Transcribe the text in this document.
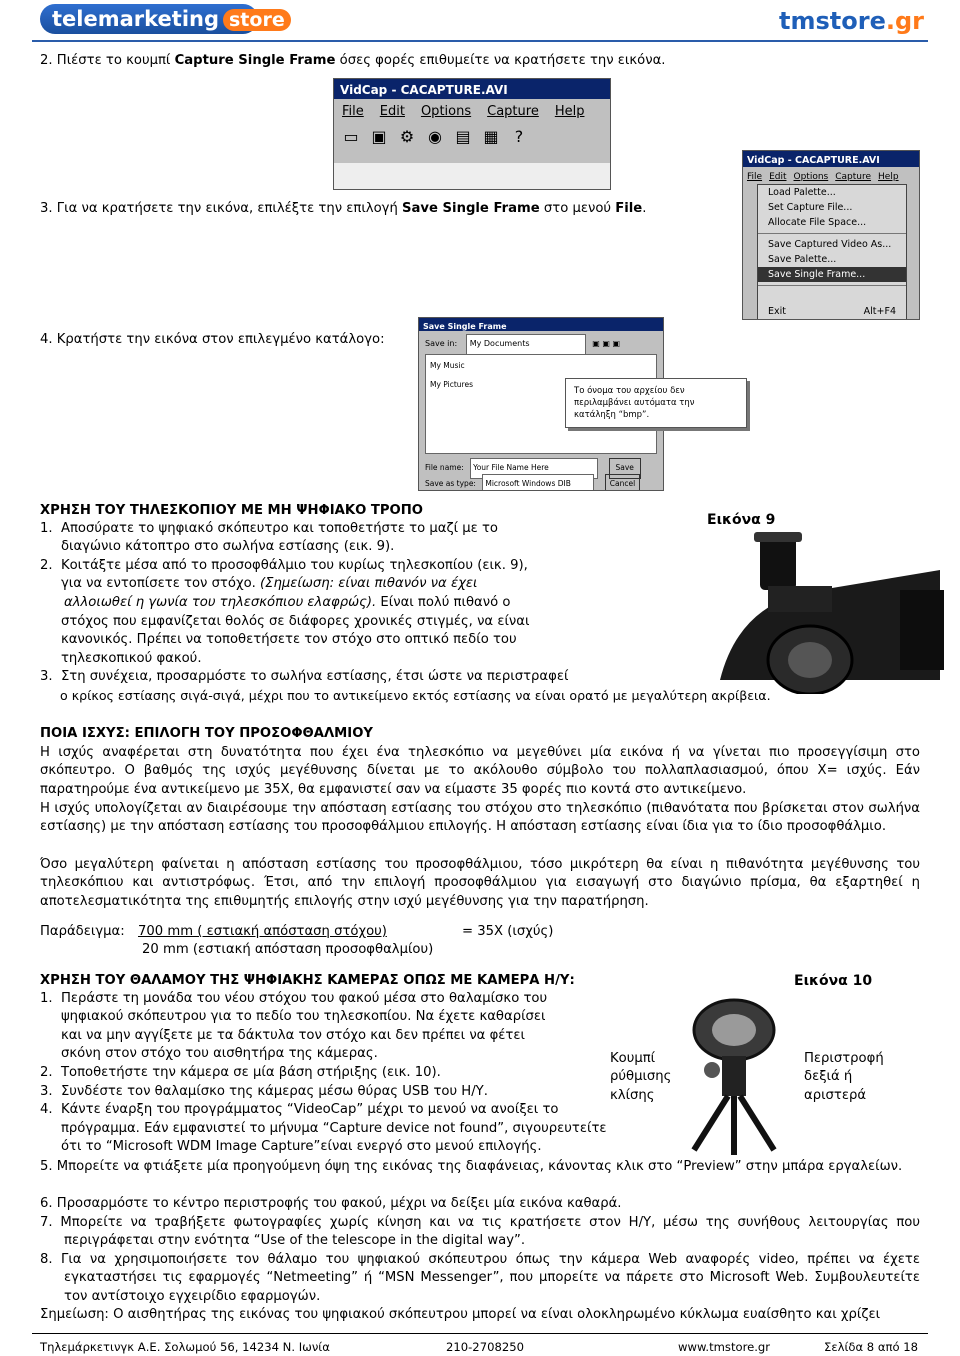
telemarketing store ®	tmstore.gr
2. Πιέστε το κουμπί Capture Single Frame όσες φορές επιθυμείτε να κρατήσετε την εικόνα.
VidCap - CACAPTURE.AVI
File Edit Options Capture Help
▭ ▣ ⚙ ◉ ▤ ▦ ?
3. Για να κρατήσετε την εικόνα, επιλέξτε την επιλογή Save Single Frame στο μενού File.
VidCap - CACAPTURE.AVI
File Edit Options Capture Help
Load Palette...
Set Capture File...
Allocate File Space...
Save Captured Video As...
Save Palette...
Save Single Frame...
Exit	Alt+F4
4. Κρατήστε την εικόνα στον επιλεγμένο κατάλογο:
Save Single Frame
Save in: My Documents	▣ ▣ ▣
My Music
My Pictures
File name: Your File Name Here	Save
Save as type: Microsoft Windows DIB	Cancel
Το όνομα του αρχείου δεν περιλαμβάνει αυτόματα την κατάληξη “bmp”.
ΧΡΗΣΗ ΤΟΥ ΤΗΛΕΣΚΟΠΙΟΥ ΜΕ ΜΗ ΨΗΦΙΑΚΟ ΤΡΟΠΟ
Εικόνα 9
1.  Αποσύρατε το ψηφιακό σκόπευτρο και τοποθετήστε το μαζί με το
διαγώνιο κάτοπτρο στο σωλήνα εστίασης (εικ. 9).
2.  Κοιτάξτε μέσα από το προσοφθάλμιο του κυρίως τηλεσκοπίου (εικ. 9),
για να εντοπίσετε τον στόχο. (Σημείωση: είναι πιθανόν να έχει
αλλοιωθεί η γωνία του τηλεσκόπιου ελαφρώς). Είναι πολύ πιθανό ο
στόχος που εμφανίζεται θολός σε διάφορες χρονικές στιγμές, να είναι
κανονικός. Πρέπει να τοποθετήσετε τον στόχο στο οπτικό πεδίο του
τηλεσκοπικού φακού.
3.  Στη συνέχεια, προσαρμόστε το σωλήνα εστίασης, έτσι ώστε να περιστραφεί
ο κρίκος εστίασης σιγά-σιγά, μέχρι που το αντικείμενο εκτός εστίασης να είναι ορατό με μεγαλύτερη ακρίβεια.
ΠΟΙΑ ΙΣΧΥΣ: ΕΠΙΛΟΓΗ ΤΟΥ ΠΡΟΣΟΦΘΑΛΜΙΟΥ
Η ισχύς αναφέρεται στη δυνατότητα που έχει ένα τηλεσκόπιο να μεγεθύνει μία εικόνα ή να γίνεται πιο προσεγγίσιμη στο σκόπευτρο. Ο βαθμός της ισχύς μεγέθυνσης δίνεται με το ακόλουθο σύμβολο του πολλαπλασιασμού, όπου X= ισχύς. Εάν παρατηρούμε ένα αντικείμενο με 35X, θα εμφανιστεί σαν να είμαστε 35 φορές πιο κοντά στο αντικείμενο.
Η ισχύς υπολογίζεται αν διαιρέσουμε την απόσταση εστίασης του στόχου στο τηλεσκόπιο (πιθανότατα που βρίσκεται στον σωλήνα εστίασης) με την απόσταση εστίασης του προσοφθάλμιου επιλογής. Η απόσταση εστίασης είναι ίδια για το ίδιο προσοφθάλμιο.
Όσο μεγαλύτερη φαίνεται η απόσταση εστίασης του προσοφθάλμιου, τόσο μικρότερη θα είναι η πιθανότητα μεγέθυνσης του τηλεσκόπιου και αντιστρόφως. Έτσι, από την επιλογή προσοφθάλμιου για εισαγωγή στο διαγώνιο πρίσμα, θα εξαρτηθεί η αποτελεσματικότητα της επιθυμητής επιλογής στην ισχύ μεγέθυνσης για την παρατήρηση.
Παράδειγμα: 700 mm ( εστιακή απόσταση στόχου)	= 35X (ισχύς)
20 mm (εστιακή απόσταση προσοφθαλμίου)
ΧΡΗΣΗ ΤΟΥ ΘΑΛΑΜΟΥ ΤΗΣ ΨΗΦΙΑΚΗΣ ΚΑΜΕΡΑΣ ΟΠΩΣ ΜΕ ΚΑΜΕΡΑ Η/Υ:	Εικόνα 10
Κουμπί ρύθμισης κλίσης
Περιστροφή δεξιά ή αριστερά
1.  Περάστε τη μονάδα του νέου στόχου του φακού μέσα στο θαλαμίσκο του
ψηφιακού σκόπευτρου για το πεδίο του τηλεσκοπίου. Να έχετε καθαρίσει
και να μην αγγίξετε με τα δάκτυλα τον στόχο και δεν πρέπει να φέτει
σκόνη στον στόχο του αισθητήρα της κάμερας.
2.  Τοποθετήστε την κάμερα σε μία βάση στήριξης (εικ. 10).
3.  Συνδέστε τον θαλαμίσκο της κάμερας μέσω θύρας USB του Η/Υ.
4.  Κάντε έναρξη του προγράμματος “VideoCap” μέχρι το μενού να ανοίξει το
πρόγραμμα. Εάν εμφανιστεί το μήνυμα “Capture device not found”, σιγουρευτείτε
ότι το “Microsoft WDM Image Capture”είναι ενεργό στο μενού επιλογής.
5. Μπορείτε να φτιάξετε μία προηγούμενη όψη της εικόνας της διαφάνειας, κάνοντας κλικ στο “Preview” στην μπάρα εργαλείων.
6. Προσαρμόστε το κέντρο περιστροφής του φακού, μέχρι να δείξει μία εικόνα καθαρά.
7. Μπορείτε να τραβήξετε φωτογραφίες χωρίς κίνηση και να τις κρατήσετε στον Η/Υ, μέσω της συνήθους λειτουργίας που περιγράφεται στην ενότητα “Use of the telescope in the digital way”.
8. Για να χρησιμοποιήσετε τον θάλαμο του ψηφιακού σκόπευτρου όπως την κάμερα Web αναφορές video, πρέπει να έχετε εγκαταστήσει τις εφαρμογές “Netmeeting” ή “MSN Messenger”, που μπορείτε να πάρετε στο Microsoft Web. Συμβουλευτείτε τον αντίστοιχο εγχειρίδιο εφαρμογών.
Σημείωση: Ο αισθητήρας της εικόνας του ψηφιακού σκόπευτρου μπορεί να είναι ολοκληρωμένο κύκλωμα ευαίσθητο και χρίζει
Τηλεμάρκετινγκ Α.Ε. Σολωμού 56, 14234 Ν. Ιωνία	210-2708250	www.tmstore.gr	Σελίδα 8 από 18
